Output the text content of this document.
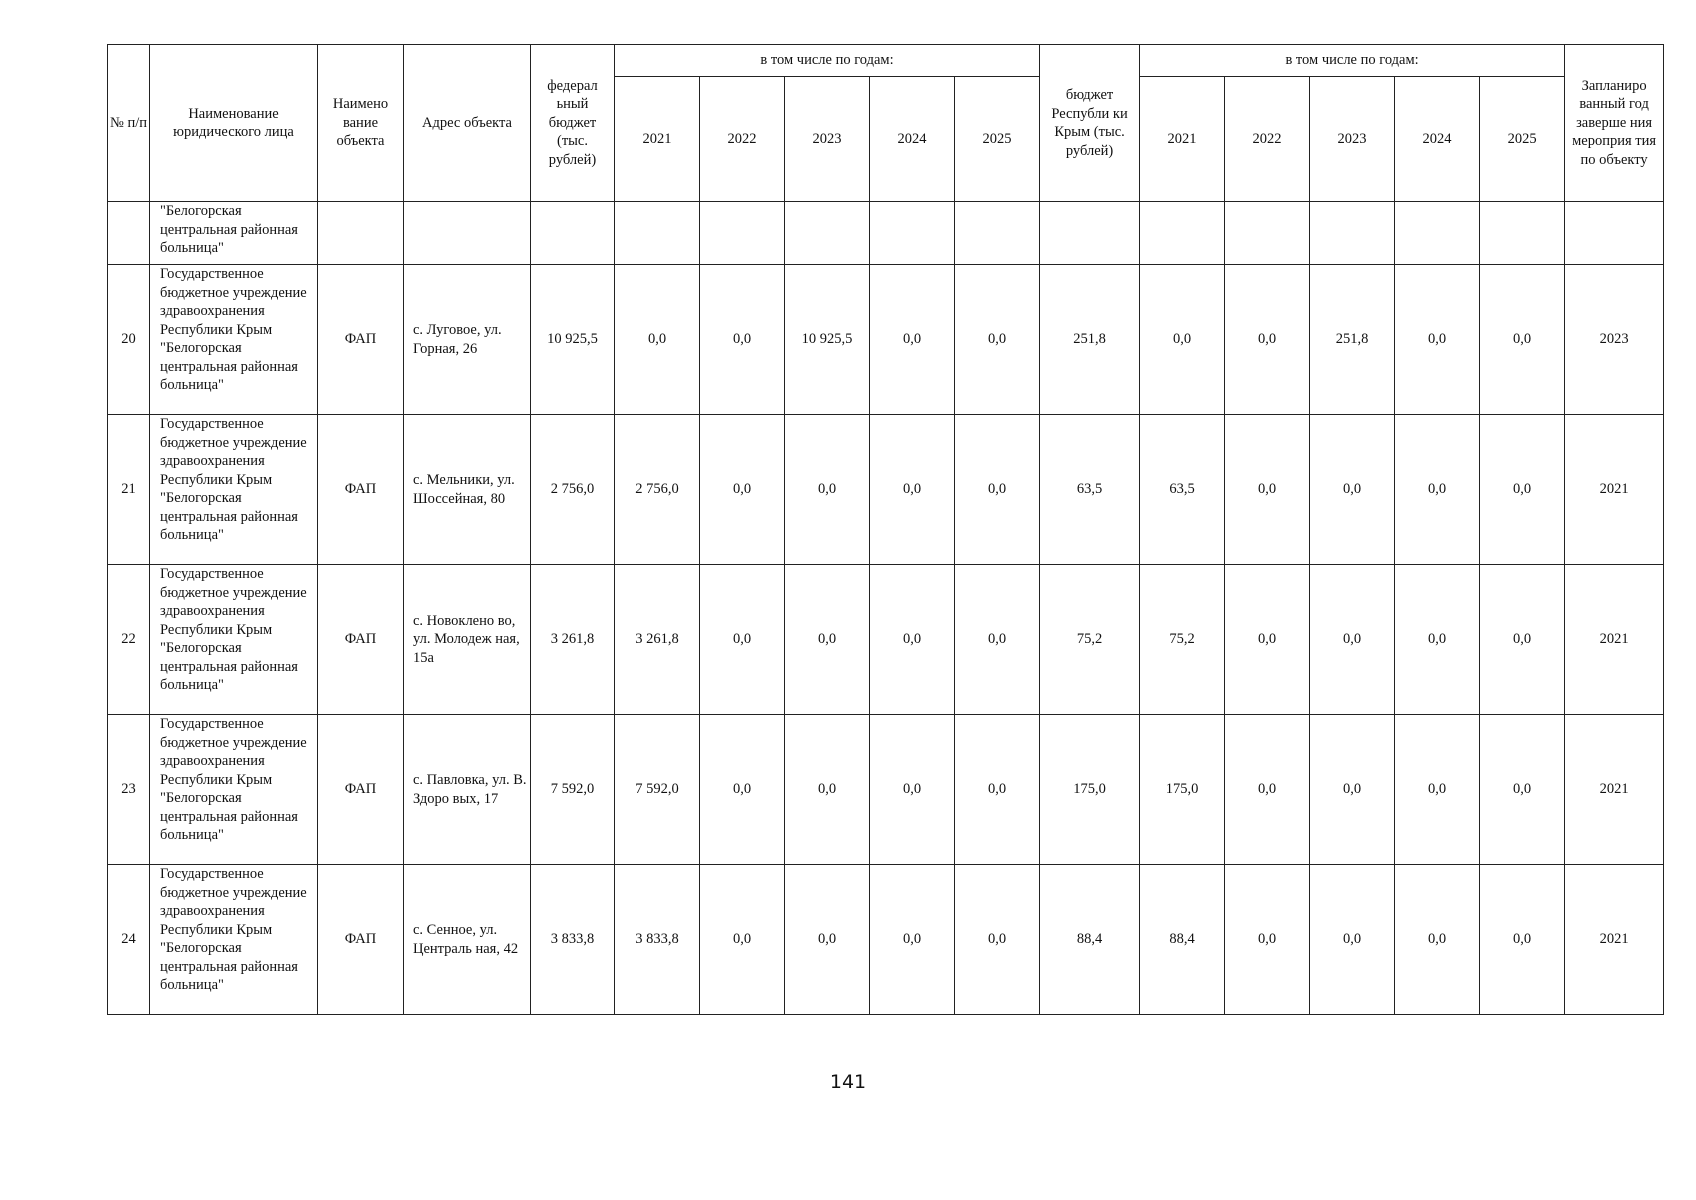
№ п/п	Наименование юридического лица	Наимено вание объекта	Адрес объекта	федерал ьный бюджет (тыс. рублей)	в том числе по годам:					бюджет Республи ки Крым (тыс. рублей)	в том числе по годам:					Запланиро ванный год заверше ния мероприя тия по объекту
					2021	2022	2023	2024	2025		2021	2022	2023	2024	2025	
	"Белогорская центральная районная больница"															
20	Государственное бюджетное учреждение здравоохранения Республики Крым "Белогорская центральная районная больница"	ФАП	с. Луговое, ул. Горная, 26	10 925,5	0,0	0,0	10 925,5	0,0	0,0	251,8	0,0	0,0	251,8	0,0	0,0	2023
21	Государственное бюджетное учреждение здравоохранения Республики Крым "Белогорская центральная районная больница"	ФАП	с. Мельники, ул. Шоссейная, 80	2 756,0	2 756,0	0,0	0,0	0,0	0,0	63,5	63,5	0,0	0,0	0,0	0,0	2021
22	Государственное бюджетное учреждение здравоохранения Республики Крым "Белогорская центральная районная больница"	ФАП	с. Новоклено во, ул. Молодеж ная, 15а	3 261,8	3 261,8	0,0	0,0	0,0	0,0	75,2	75,2	0,0	0,0	0,0	0,0	2021
23	Государственное бюджетное учреждение здравоохранения Республики Крым "Белогорская центральная районная больница"	ФАП	с. Павловка, ул. В. Здоро вых, 17	7 592,0	7 592,0	0,0	0,0	0,0	0,0	175,0	175,0	0,0	0,0	0,0	0,0	2021
24	Государственное бюджетное учреждение здравоохранения Республики Крым "Белогорская центральная районная больница"	ФАП	с. Сенное, ул. Централь ная, 42	3 833,8	3 833,8	0,0	0,0	0,0	0,0	88,4	88,4	0,0	0,0	0,0	0,0	2021
141
